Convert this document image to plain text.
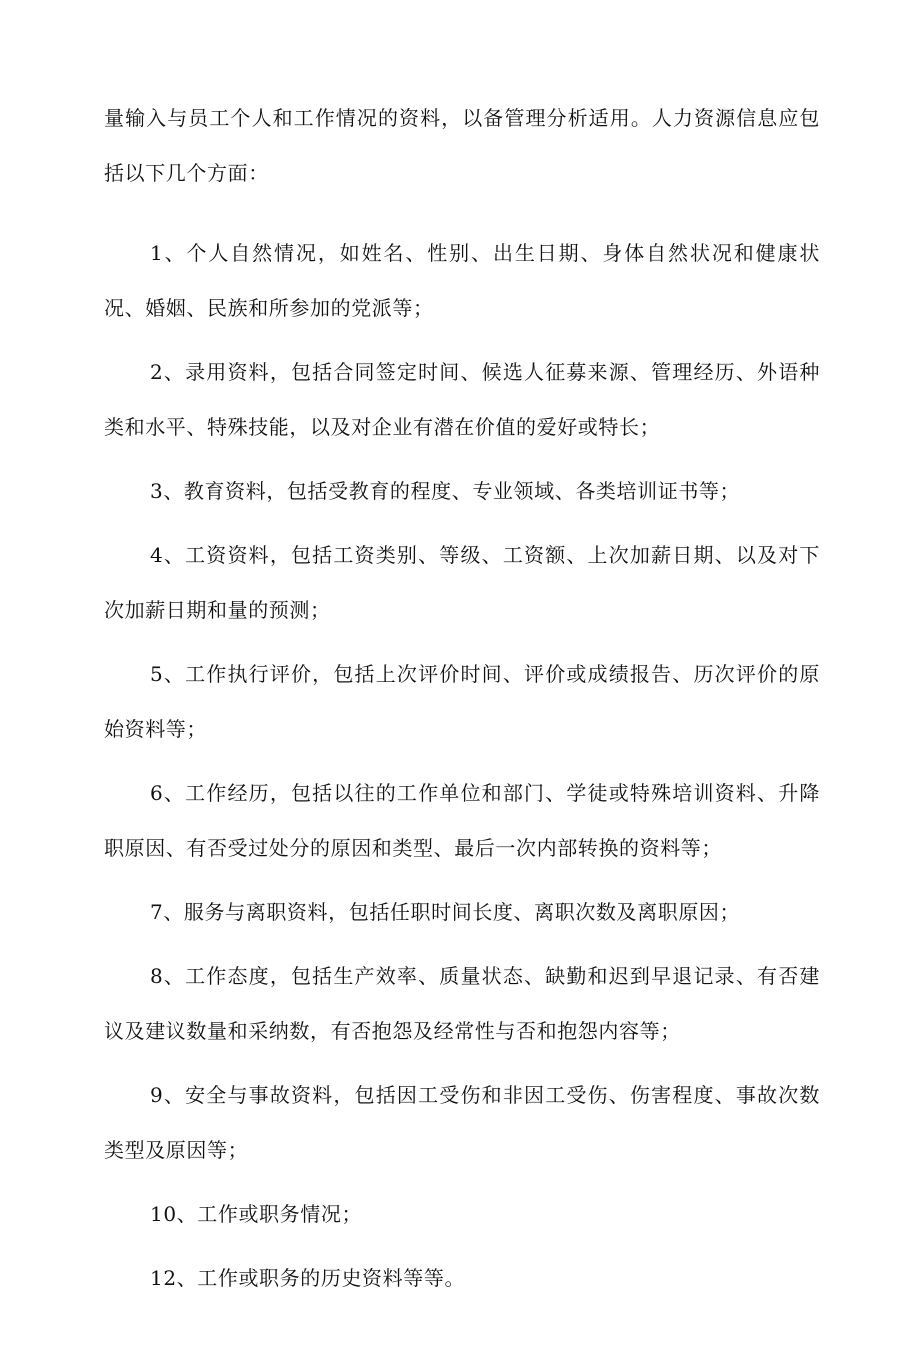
量输入与员工个人和工作情况的资料，以备管理分析适用。人力资源信息应包括以下几个方面：

1、个人自然情况，如姓名、性别、出生日期、身体自然状况和健康状况、婚姻、民族和所参加的党派等；

2、录用资料，包括合同签定时间、候选人征募来源、管理经历、外语种类和水平、特殊技能，以及对企业有潜在价值的爱好或特长；

3、教育资料，包括受教育的程度、专业领域、各类培训证书等；

4、工资资料，包括工资类别、等级、工资额、上次加薪日期、以及对下次加薪日期和量的预测；

5、工作执行评价，包括上次评价时间、评价或成绩报告、历次评价的原始资料等；

6、工作经历，包括以往的工作单位和部门、学徒或特殊培训资料、升降职原因、有否受过处分的原因和类型、最后一次内部转换的资料等；

7、服务与离职资料，包括任职时间长度、离职次数及离职原因；

8、工作态度，包括生产效率、质量状态、缺勤和迟到早退记录、有否建议及建议数量和采纳数，有否抱怨及经常性与否和抱怨内容等；

9、安全与事故资料，包括因工受伤和非因工受伤、伤害程度、事故次数类型及原因等；

10、工作或职务情况；

12、工作或职务的历史资料等等。
